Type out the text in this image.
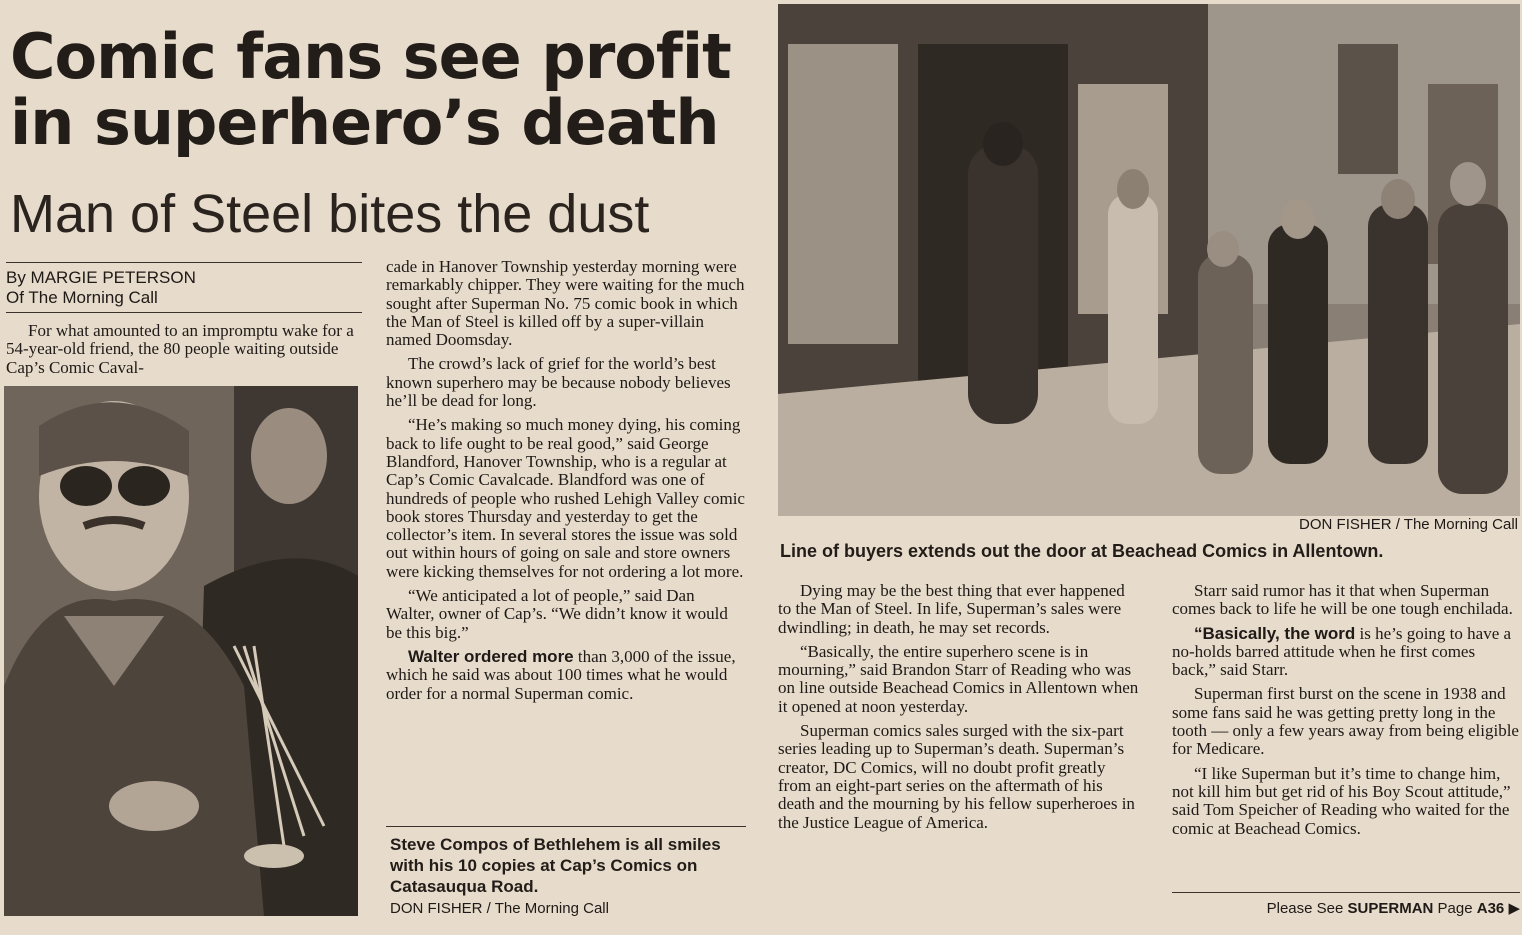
Comic fans see profit
in superhero’s death
Man of Steel bites the dust
By MARGIE PETERSON
Of The Morning Call

For what amounted to an impromptu wake for a 54-year-old friend, the 80 people waiting outside Cap’s Comic Caval-

cade in Hanover Township yesterday morning were remarkably chipper. They were waiting for the much sought after Superman No. 75 comic book in which the Man of Steel is killed off by a super-villain named Doomsday.

The crowd’s lack of grief for the world’s best known superhero may be because nobody believes he’ll be dead for long.

“He’s making so much money dying, his coming back to life ought to be real good,” said George Blandford, Hanover Township, who is a regular at Cap’s Comic Cavalcade. Blandford was one of hundreds of people who rushed Lehigh Valley comic book stores Thursday and yesterday to get the collector’s item. In several stores the issue was sold out within hours of going on sale and store owners were kicking themselves for not ordering a lot more.

“We anticipated a lot of people,” said Dan Walter, owner of Cap’s. “We didn’t know it would be this big.”

Walter ordered more than 3,000 of the issue, which he said was about 100 times what he would order for a normal Superman comic.

Steve Compos of Bethlehem is all smiles with his 10 copies at Cap’s Comics on Catasauqua Road.
DON FISHER / The Morning Call
DON FISHER / The Morning Call
Line of buyers extends out the door at Beachead Comics in Allentown.

Dying may be the best thing that ever happened to the Man of Steel. In life, Superman’s sales were dwindling; in death, he may set records.

“Basically, the entire superhero scene is in mourning,” said Brandon Starr of Reading who was on line outside Beachead Comics in Allentown when it opened at noon yesterday.

Superman comics sales surged with the six-part series leading up to Superman’s death. Superman’s creator, DC Comics, will no doubt profit greatly from an eight-part series on the aftermath of his death and the mourning by his fellow superheroes in the Justice League of America.

Starr said rumor has it that when Superman comes back to life he will be one tough enchilada.

“Basically, the word is he’s going to have a no-holds barred attitude when he first comes back,” said Starr.

Superman first burst on the scene in 1938 and some fans said he was getting pretty long in the tooth — only a few years away from being eligible for Medicare.

“I like Superman but it’s time to change him, not kill him but get rid of his Boy Scout attitude,” said Tom Speicher of Reading who waited for the comic at Beachead Comics.

Please See SUPERMAN Page A36 ▶
